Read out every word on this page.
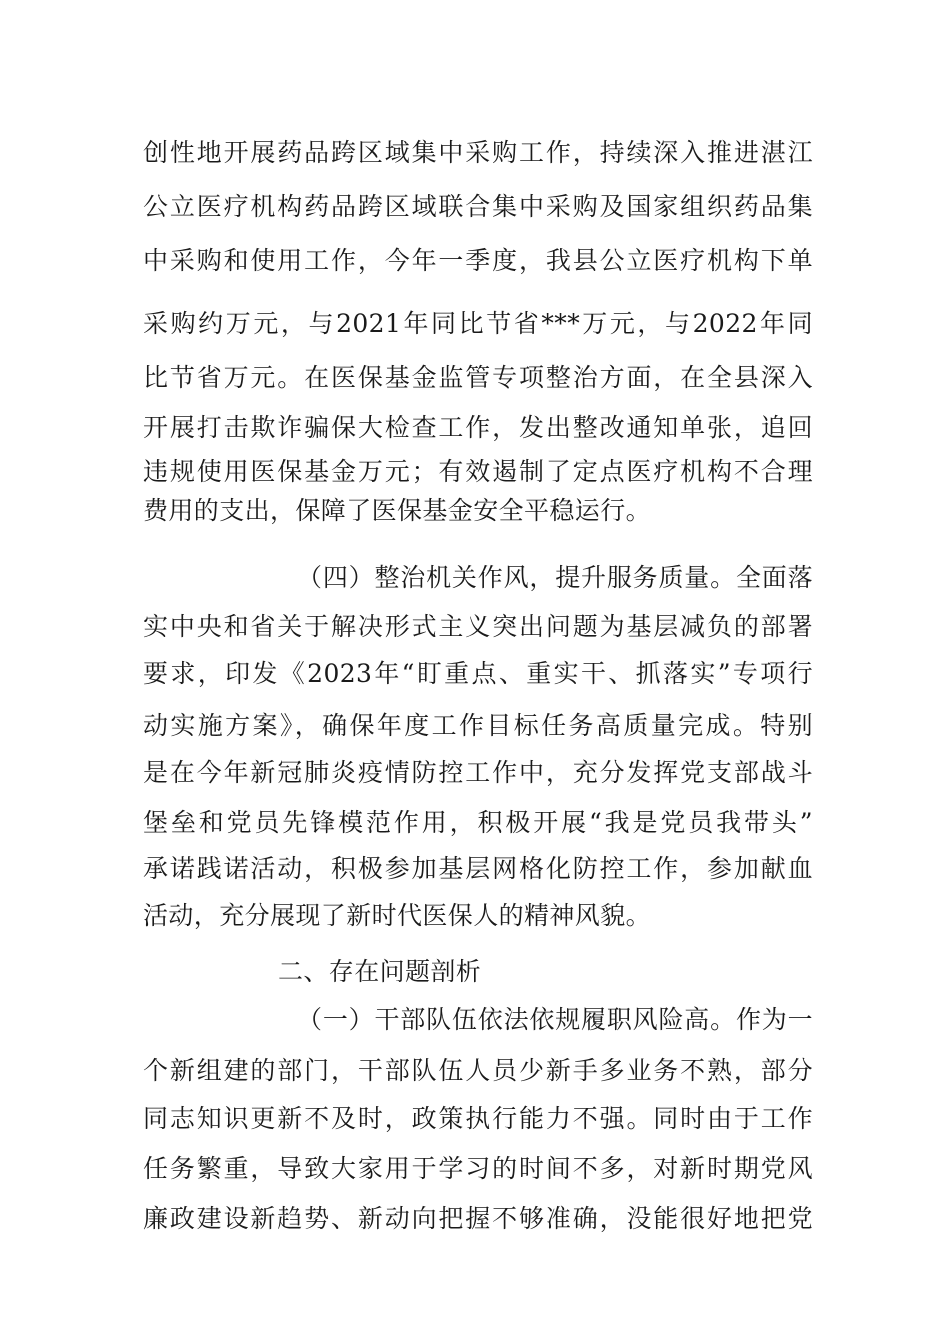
创性地开展药品跨区域集中采购工作，持续深入推进湛江
公立医疗机构药品跨区域联合集中采购及国家组织药品集
中采购和使用工作，今年一季度，我县公立医疗机构下单
采购约万元，与2021年同比节省***万元，与2022年同
比节省万元。在医保基金监管专项整治方面，在全县深入
开展打击欺诈骗保大检查工作，发出整改通知单张，追回
违规使用医保基金万元；有效遏制了定点医疗机构不合理
费用的支出，保障了医保基金安全平稳运行。
（四）整治机关作风，提升服务质量。全面落
实中央和省关于解决形式主义突出问题为基层减负的部署
要求，印发《2023年“盯重点、重实干、抓落实”专项行
动实施方案》，确保年度工作目标任务高质量完成。特别
是在今年新冠肺炎疫情防控工作中，充分发挥党支部战斗
堡垒和党员先锋模范作用，积极开展“我是党员我带头”
承诺践诺活动，积极参加基层网格化防控工作，参加献血
活动，充分展现了新时代医保人的精神风貌。
二、存在问题剖析
（一）干部队伍依法依规履职风险高。作为一
个新组建的部门，干部队伍人员少新手多业务不熟，部分
同志知识更新不及时，政策执行能力不强。同时由于工作
任务繁重，导致大家用于学习的时间不多，对新时期党风
廉政建设新趋势、新动向把握不够准确，没能很好地把党
